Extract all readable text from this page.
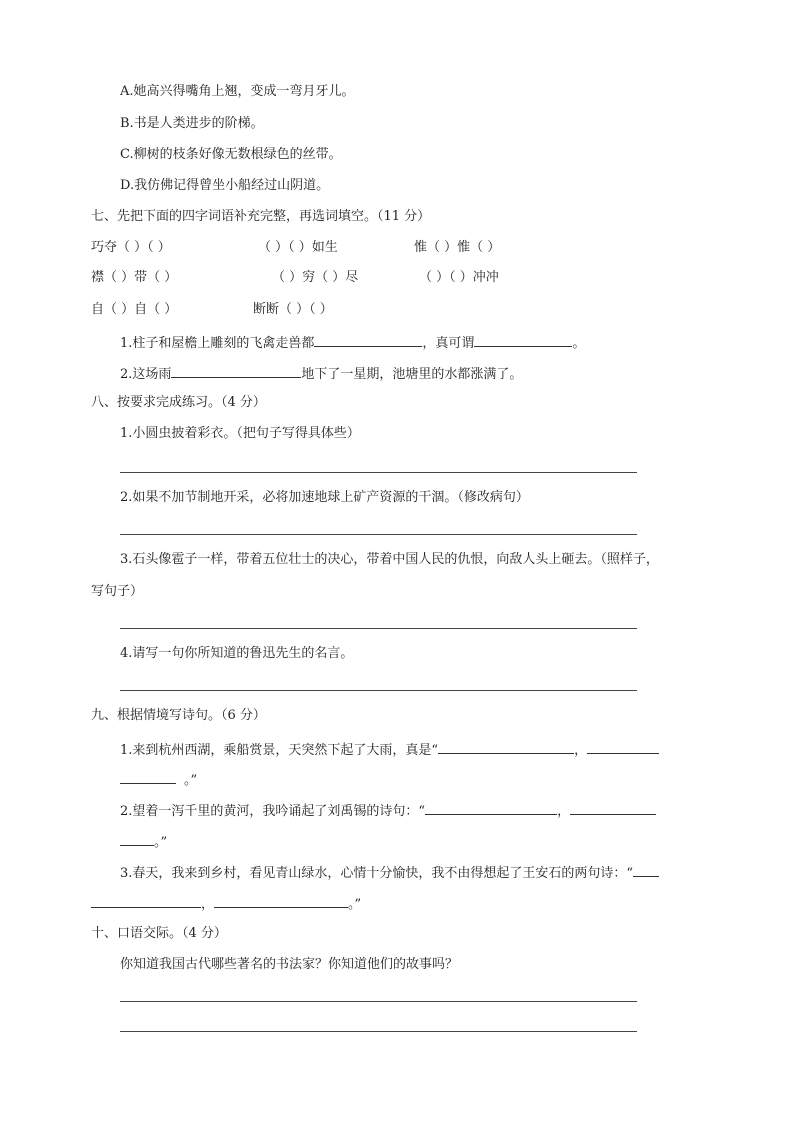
A.她高兴得嘴角上翘，变成一弯月牙儿。
B.书是人类进步的阶梯。
C.柳树的枝条好像无数根绿色的丝带。
D.我仿佛记得曾坐小船经过山阴道。
七、先把下面的四字词语补充完整，再选词填空。（11 分）
巧夺（ ）（ ）	（ ）（ ）如生	惟（ ）惟（ ）
襟（ ）带（ ）	（ ）穷（ ）尽	（ ）（ ）冲冲
自（ ）自（ ）	断断（ ）（ ）
1.柱子和屋檐上雕刻的飞禽走兽都	，真可谓	。
2.这场雨	地下了一星期，池塘里的水都涨满了。
八、按要求完成练习。（4 分）
1.小圆虫披着彩衣。（把句子写得具体些）
2.如果不加节制地开采，必将加速地球上矿产资源的干涸。（修改病句）
3.石头像雹子一样，带着五位壮士的决心，带着中国人民的仇恨，向敌人头上砸去。（照样子，
写句子）
4.请写一句你所知道的鲁迅先生的名言。
九、根据情境写诗句。（6 分）
1.来到杭州西湖，乘船赏景，天突然下起了大雨，真是“	，
。”
2.望着一泻千里的黄河，我吟诵起了刘禹锡的诗句：“	，
。”
3.春天，我来到乡村，看见青山绿水，心情十分愉快，我不由得想起了王安石的两句诗：“
，	。”
十、口语交际。（4 分）
你知道我国古代哪些著名的书法家？你知道他们的故事吗？
